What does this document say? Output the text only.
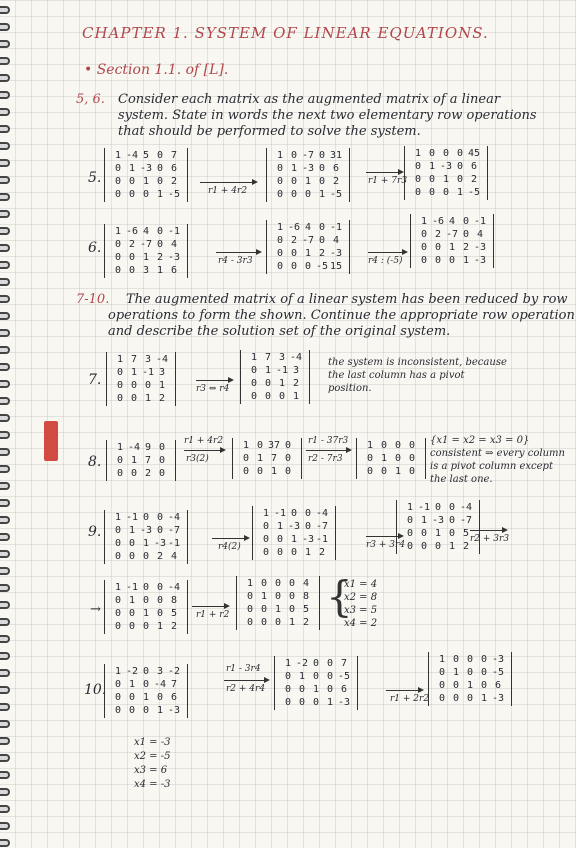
CHAPTER 1. SYSTEM OF LINEAR EQUATIONS.
• Section 1.1. of [L].
5, 6. Consider each matrix as the augmented matrix of a linear
system. State in words the next two elementary row operations
that should be performed to solve the system.
5.
1 -4 5 0 7
0 1 -3 0 6
0 0 1 0 2
0 0 0 1 -5	r1 + 4r2
1 0 -7 0 31
0 1 -3 0 6
0 0 1 0 2
0 0 0 1 -5
r1 + 7r3
1 0 0 0 45
0 1 -3 0 6
0 0 1 0 2
0 0 0 1 -5
6.
1 -6 4 0 -1
0 2 -7 0 4
0 0 1 2 -3
0 0 3 1 6
r4 - 3r3
1 -6 4 0 -1
0 2 -7 0 4
0 0 1 2 -3
0 0 0 -5 15	r4 : (-5)
1 -6 4 0 -1
0 2 -7 0 4
0 0 1 2 -3
0 0 0 1 -3
7-10. The augmented matrix of a linear system has been reduced by row
operations to form the shown. Continue the appropriate row operation
and describe the solution set of the original system.
7.
1 7 3 -4
0 1 -1 3
0 0 0 1
0 0 1 2
r3 ⇔ r4
1 7 3 -4
0 1 -1 3
0 0 1 2
0 0 0 1
the system is inconsistent, because
the last column has a pivot
position.
8.
1 -4 9 0
0 1 7 0
0 0 2 0
r1 + 4r2
r3(2)
1 0 37 0
0 1 7 0
0 0 1 0
r1 - 37r3
r2 - 7r3
1 0 0 0
0 1 0 0
0 0 1 0
{x1 = x2 = x3 = 0}
consistent ⇒ every column
is a pivot column except
the last one.
9.
1 -1 0 0 -4
0 1 -3 0 -7
0 0 1 -3 -1
0 0 0 2 4
r4(2)
1 -1 0 0 -4
0 1 -3 0 -7
0 0 1 -3 -1
0 0 0 1 2
r3 + 3r4
1 -1 0 0 -4
0 1 -3 0 -7
0 0 1 0 5
0 0 0 1 2
r2 + 3r3
→
1 -1 0 0 -4
0 1 0 0 8
0 0 1 0 5
0 0 0 1 2
r1 + r2
1 0 0 0 4
0 1 0 0 8
0 0 1 0 5
0 0 0 1 2
{
x1 = 4
x2 = 8
x3 = 5
x4 = 2
10.
1 -2 0 3 -2
0 1 0 -4 7
0 0 1 0 6
0 0 0 1 -3
r1 - 3r4
r2 + 4r4
1 -2 0 0 7
0 1 0 0 -5
0 0 1 0 6
0 0 0 1 -3	r1 + 2r2
1 0 0 0 -3
0 1 0 0 -5
0 0 1 0 6
0 0 0 1 -3
x1 = -3
x2 = -5
x3 = 6
x4 = -3
